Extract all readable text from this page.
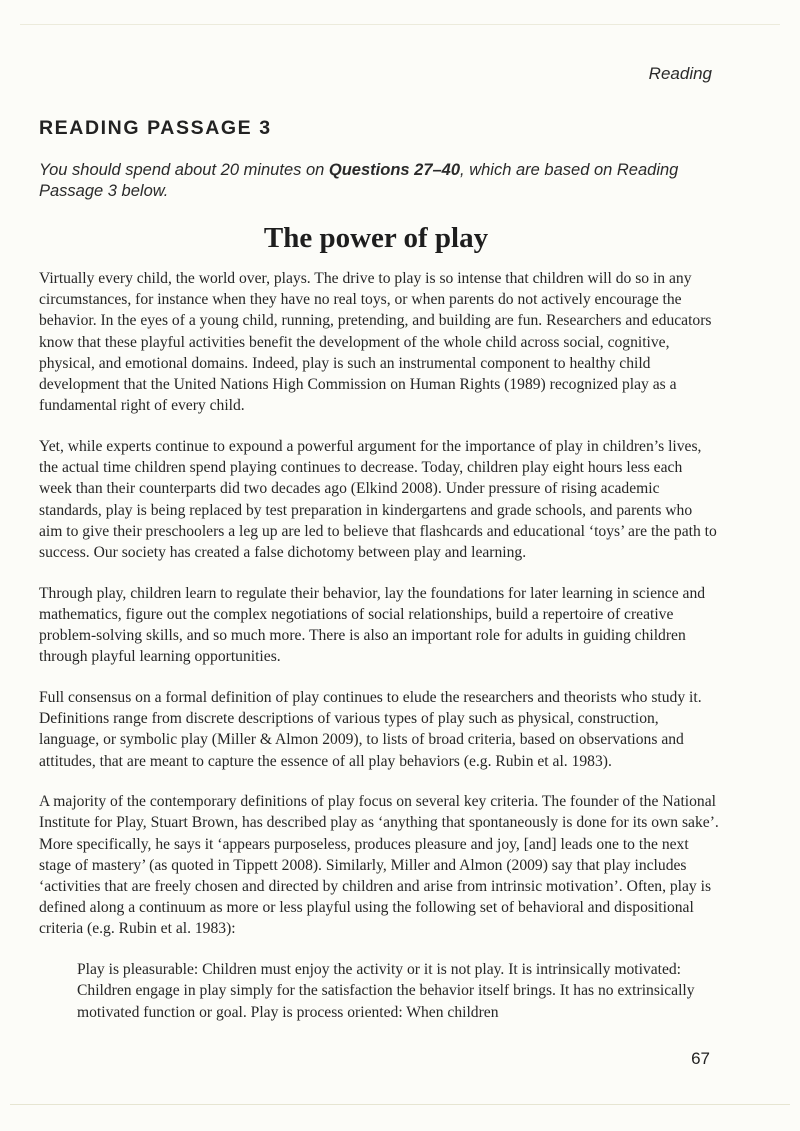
Reading
READING PASSAGE 3
You should spend about 20 minutes on Questions 27–40, which are based on Reading Passage 3 below.
The power of play

Virtually every child, the world over, plays. The drive to play is so intense that children will do so in any circumstances, for instance when they have no real toys, or when parents do not actively encourage the behavior. In the eyes of a young child, running, pretending, and building are fun. Researchers and educators know that these playful activities benefit the development of the whole child across social, cognitive, physical, and emotional domains. Indeed, play is such an instrumental component to healthy child development that the United Nations High Commission on Human Rights (1989) recognized play as a fundamental right of every child.

Yet, while experts continue to expound a powerful argument for the importance of play in children’s lives, the actual time children spend playing continues to decrease. Today, children play eight hours less each week than their counterparts did two decades ago (Elkind 2008). Under pressure of rising academic standards, play is being replaced by test preparation in kindergartens and grade schools, and parents who aim to give their preschoolers a leg up are led to believe that flashcards and educational ‘toys’ are the path to success. Our society has created a false dichotomy between play and learning.

Through play, children learn to regulate their behavior, lay the foundations for later learning in science and mathematics, figure out the complex negotiations of social relationships, build a repertoire of creative problem-solving skills, and so much more. There is also an important role for adults in guiding children through playful learning opportunities.

Full consensus on a formal definition of play continues to elude the researchers and theorists who study it. Definitions range from discrete descriptions of various types of play such as physical, construction, language, or symbolic play (Miller & Almon 2009), to lists of broad criteria, based on observations and attitudes, that are meant to capture the essence of all play behaviors (e.g. Rubin et al. 1983).

A majority of the contemporary definitions of play focus on several key criteria. The founder of the National Institute for Play, Stuart Brown, has described play as ‘anything that spontaneously is done for its own sake’. More specifically, he says it ‘appears purposeless, produces pleasure and joy, [and] leads one to the next stage of mastery’ (as quoted in Tippett 2008). Similarly, Miller and Almon (2009) say that play includes ‘activities that are freely chosen and directed by children and arise from intrinsic motivation’. Often, play is defined along a continuum as more or less playful using the following set of behavioral and dispositional criteria (e.g. Rubin et al. 1983):

Play is pleasurable: Children must enjoy the activity or it is not play. It is intrinsically motivated: Children engage in play simply for the satisfaction the behavior itself brings. It has no extrinsically motivated function or goal. Play is process oriented: When children

67
